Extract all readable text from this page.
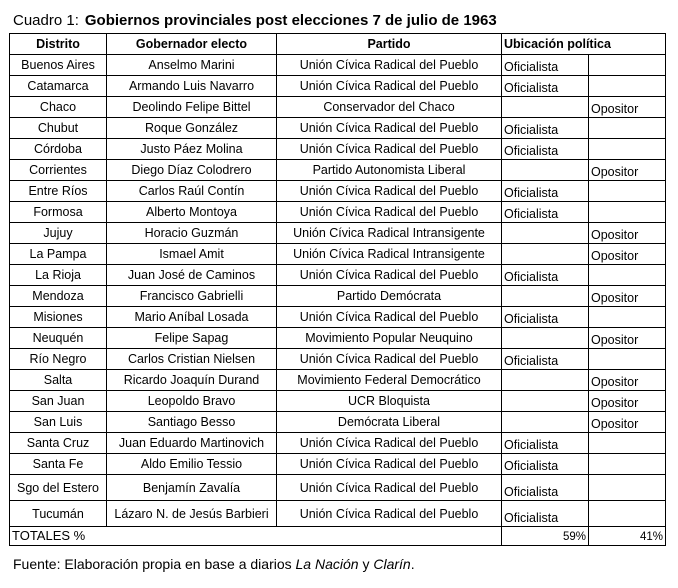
Cuadro 1: Gobiernos provinciales post elecciones 7 de julio de 1963
Distrito	Gobernador electo	Partido	Ubicación política	
Buenos Aires	Anselmo Marini	Unión Cívica Radical del Pueblo	Oficialista	
Catamarca	Armando Luis Navarro	Unión Cívica Radical del Pueblo	Oficialista	
Chaco	Deolindo Felipe Bittel	Conservador del Chaco		Opositor
Chubut	Roque González	Unión Cívica Radical del Pueblo	Oficialista	
Córdoba	Justo Páez Molina	Unión Cívica Radical del Pueblo	Oficialista	
Corrientes	Diego Díaz Colodrero	Partido Autonomista Liberal		Opositor
Entre Ríos	Carlos Raúl Contín	Unión Cívica Radical del Pueblo	Oficialista	
Formosa	Alberto Montoya	Unión Cívica Radical del Pueblo	Oficialista	
Jujuy	Horacio Guzmán	Unión Cívica Radical Intransigente		Opositor
La Pampa	Ismael Amit	Unión Cívica Radical Intransigente		Opositor
La Rioja	Juan José de Caminos	Unión Cívica Radical del Pueblo	Oficialista	
Mendoza	Francisco Gabrielli	Partido Demócrata		Opositor
Misiones	Mario Aníbal Losada	Unión Cívica Radical del Pueblo	Oficialista	
Neuquén	Felipe Sapag	Movimiento Popular Neuquino		Opositor
Río Negro	Carlos Cristian Nielsen	Unión Cívica Radical del Pueblo	Oficialista	
Salta	Ricardo Joaquín Durand	Movimiento Federal Democrático		Opositor
San Juan	Leopoldo Bravo	UCR Bloquista		Opositor
San Luis	Santiago Besso	Demócrata Liberal		Opositor
Santa Cruz	Juan Eduardo Martinovich	Unión Cívica Radical del Pueblo	Oficialista	
Santa Fe	Aldo Emilio Tessio	Unión Cívica Radical del Pueblo	Oficialista	
Sgo del Estero	Benjamín Zavalía	Unión Cívica Radical del Pueblo	Oficialista	
Tucumán	Lázaro N. de Jesús Barbieri	Unión Cívica Radical del Pueblo	Oficialista	
TOTALES %			59%	41%
Fuente: Elaboración propia en base a diarios La Nación y Clarín.
